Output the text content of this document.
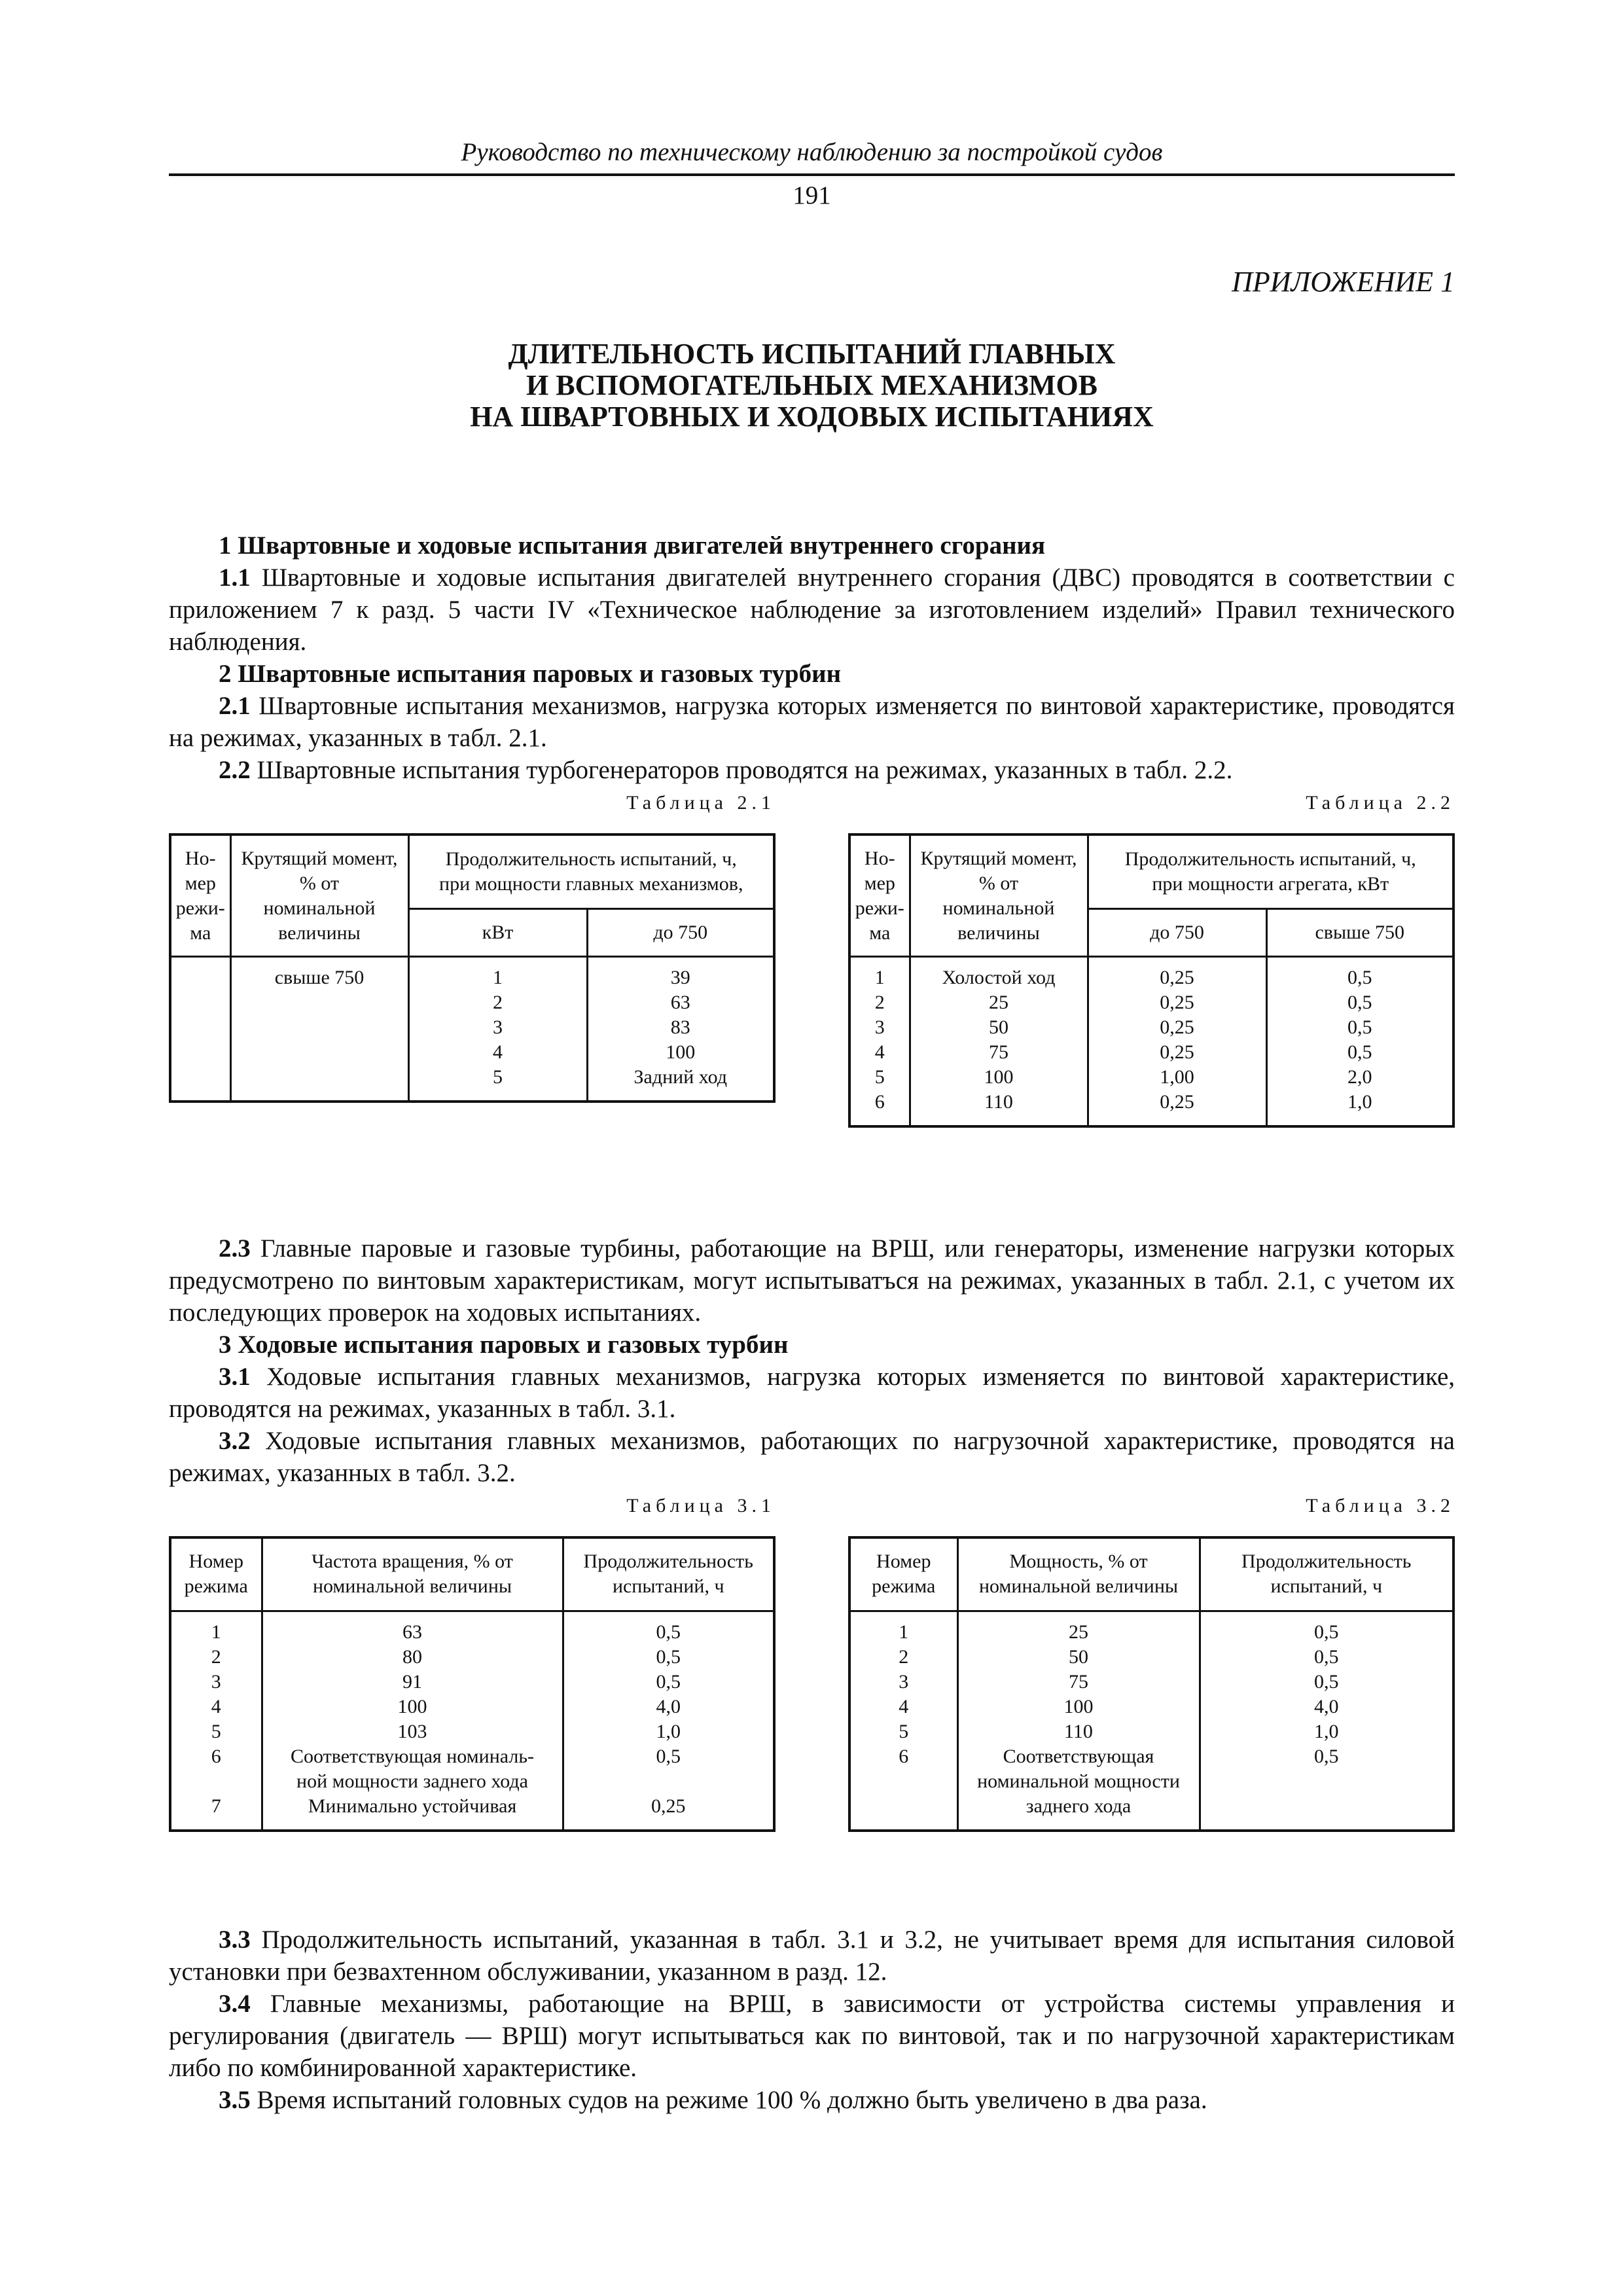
Руководство по техническому наблюдению за постройкой судов
191
ПРИЛОЖЕНИЕ 1
ДЛИТЕЛЬНОСТЬ ИСПЫТАНИЙ ГЛАВНЫХ
И ВСПОМОГАТЕЛЬНЫХ МЕХАНИЗМОВ
НА ШВАРТОВНЫХ И ХОДОВЫХ ИСПЫТАНИЯХ

1 Швартовные и ходовые испытания двигателей внутреннего сгорания

1.1 Швартовные и ходовые испытания двигателей внутреннего сгорания (ДВС) проводятся в соответствии с приложением 7 к разд. 5 части IV «Техническое наблюдение за изготовлением изделий» Правил технического наблюдения.

2 Швартовные испытания паровых и газовых турбин

2.1 Швартовные испытания механизмов, нагрузка которых изменяется по винтовой характеристике, проводятся на режимах, указанных в табл. 2.1.

2.2 Швартовные испытания турбогенераторов проводятся на режимах, указанных в табл. 2.2.

Таблица 2.1
Но-
мер
режи-
ма	Крутящий момент,
% от
номинальной
величины	Продолжительность испытаний, ч,
при мощности главных механизмов,	
		кВт	до 750
	свыше 750	1	39
		2	63
		3	83
		4	100
		5	Задний ход
Таблица 2.2
Но-
мер
режи-
ма	Крутящий момент,
% от
номинальной
величины	Продолжительность испытаний, ч,
при мощности агрегата, кВт	
		до 750	свыше 750
1	Холостой ход	0,25	0,5
2	25	0,25	0,5
3	50	0,25	0,5
4	75	0,25	0,5
5	100	1,00	2,0
6	110	0,25	1,0

2.3 Главные паровые и газовые турбины, работающие на ВРШ, или генераторы, изменение нагрузки которых предусмотрено по винтовым характеристикам, могут испытыватъся на режимах, указанных в табл. 2.1, с учетом их последующих проверок на ходовых испытаниях.

3 Ходовые испытания паровых и газовых турбин

3.1 Ходовые испытания главных механизмов, нагрузка которых изменяется по винтовой характеристике, проводятся на режимах, указанных в табл. 3.1.

3.2 Ходовые испытания главных механизмов, работающих по нагрузочной характеристике, проводятся на режимах, указанных в табл. 3.2.

Таблица 3.1
Номер
режима	Частота вращения, % от
номинальной величины	Продолжительность
испытаний, ч
1	63	0,5
2	80	0,5
3	91	0,5
4	100	4,0
5	103	1,0
6	Соответствующая номиналь-
ной мощности заднего хода	0,5
7	Минимально устойчивая	0,25
Таблица 3.2
Номер
режима	Мощность, % от
номинальной величины	Продолжительность
испытаний, ч
1	25	0,5
2	50	0,5
3	75	0,5
4	100	4,0
5	110	1,0
6	Соответствующая
номинальной мощности
заднего хода	0,5

3.3 Продолжительность испытаний, указанная в табл. 3.1 и 3.2, не учитывает время для испытания силовой установки при безвахтенном обслуживании, указанном в разд. 12.

3.4 Главные механизмы, работающие на ВРШ, в зависимости от устройства системы управления и регулирования (двигатель — ВРШ) могут испытываться как по винтовой, так и по нагрузочной характеристикам либо по комбинированной характеристике.

3.5 Время испытаний головных судов на режиме 100 % должно быть увеличено в два раза.
